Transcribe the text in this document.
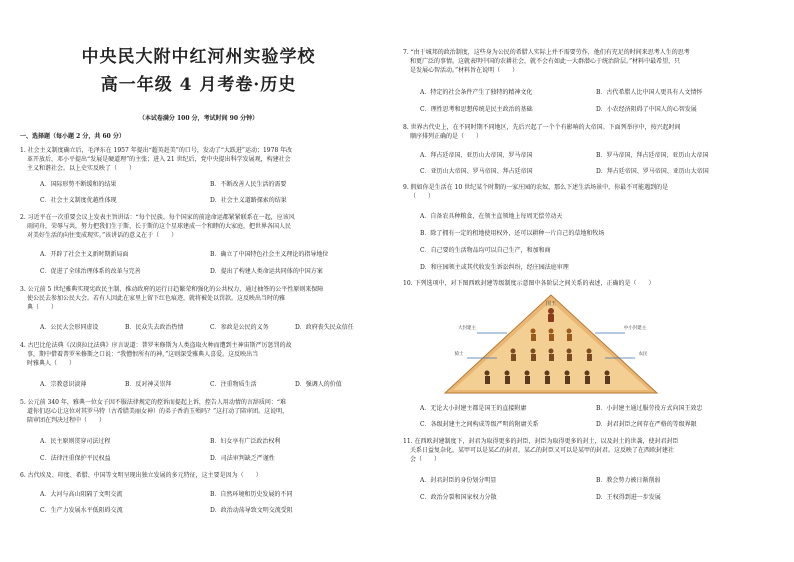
中央民大附中红河州实验学校
高一年级 4 月考卷·历史
（本试卷满分 100 分，考试时间 90 分钟）
一、选择题（每小题 2 分，共 60 分）
1. 社会主义制度确立后，毛泽东在 1957 年提出“超英赶美”的口号，发动了“大跃进”运动；1978 年改
革开放后，邓小平提出“发展是硬道理”的主张；进入 21 世纪后，党中央提出科学发展观，构建社会
主义和谐社会。以上史实反映了（　　）
A．国际形势不断缓和的结果	B．不断改善人民生活的需要
C．社会主义制度优越性体现	D．社会主义道路探索的结果
2. 习近平在一次重要会议上发表主旨讲话：“每个民族、每个国家的前途命运都紧紧联系在一起，应该风
雨同舟，荣辱与共，努力把我们生于斯、长于斯的这个星球建成一个和睦的大家庭，把世界各国人民
对美好生活的向往变成现实。”该讲话的意义在于（　　）
A．开辟了社会主义新时期新局面	B．确立了中国特色社会主义理论的指导地位
C．促进了全球治理体系的改革与完善	D．提出了构建人类命运共同体的中国方案
3. 公元前 5 世纪雅典实现宪政民主制，推动政府的运行日趋繁荣和强化的公共权力，通过抽签的公平性原则来保障
使公民去参加公民大会。若有人因此在家里上留下红色痕迹，就将被处以罚款。这反映出当时的雅
典（　　）
A．公民大会形同虚设	B．民众失去政治热情	C．参政是公民的义务	D．政府丧失民众信任
4. 古巴比伦法典《汉谟拉比法典》序言说道：普罗米修斯为人类盗取火种而遭到主神宙斯严厉惩罚的故
事，期中借着普罗米修斯之口说：“我憎恨所有的神，”这则深受雅典人喜爱。这反映出当
时雅典人（　　）
A．宗教意识淡薄	B．反对神灵崇拜	C．注重物质生活	D．强调人的价值
5. 公元前 340 年，雅典一位女子因不服法律规定的控诉而提起上诉，控告人用动情的言辞质问：“难
道你们忍心让这位对其罗马特（古希腊美丽女神）的弟子香消玉殒吗？”这打动了陪审团。这说明，
陪审团在判决过程中（　　）
A．民主原则贯穿司法过程	B．妇女享有广泛政治权利
C．法律注重保护平民权益	D．司法审判缺乏严谨性
6. 古代埃及、印度、希腊、中国等文明呈现出独立发展的多元特征，这主要是因为（　　）
A．大河与高山阻隔了文明交流	B．自然环境和历史发展的不同
C．生产力发展水平低阻碍交流	D．政治动荡导致文明交流受阻
7. “由于城邦的政治制度，这些身为公民的希腊人实际上并不需要劳作，他们有充足的时间来思考人生的思考
和更广泛的事情。这就表明中国的农耕社会，就不会有如此一大群潜心于统治阶层。”材料中最希望，只
是发展心智活动。”材料旨在说明（　　）
A．特定的社会条件产生了独特的精神文化	B．古代希腊人比中国人更具有人文情怀
C．理性思考和思想传统是民主政治的基础	D．小农经济阻碍了中国人的心智发展
8. 世界古代史上，在不同时期不同地区，先后兴起了一个个有影响的大帝国。下面列举序中，按兴起时间
顺序排列正确的是（　　）
A．拜占廷帝国、亚历山大帝国、罗马帝国	B．罗马帝国、拜占廷帝国、亚历山大帝国
C．亚历山大帝国、罗马帝国、拜占廷帝国	D．拜占廷帝国、罗马帝国、亚历山大帝国
9. 假如你是生活在 10 世纪某个时期的一家庄园的农奴，那么下述生活场景中，你最不可能遇到的是
（　　）
A．自备农具种粮食，在领主直领地上每周无偿劳动天
B．除了拥有一定的租地使用权外，还可以耕种一片自己的草地和牧场
C．自己要的生活物品均可以自己生产，和加和商
D．和庄园领主或其代收发生诉讼纠纷，经庄园法庭审理
10. 下列选项中，对下图西欧封建等级制度示意图中各阶层之间关系的表述，正确的是（　　）
国王
大封建主	中小封建主
骑士	农民
A．无论大小封建主都是国王的直接附庸	B．小封建主通过服劳役方式向国王效忠
C．各级封建主之间构成等级严明的附庸关系	D．封君封臣之间存在严格的等级界限
11. 在西欧封建制度下，封君为取得更多的封臣，封臣为取得更多的封土，以及封土的世袭，使封君封臣
关系日益复杂化。某甲可以是某乙的封君，某乙的封臣又可以是某甲的封君。这反映了在西欧封建社
会（　　）
A．封君封臣的身份划分明显	B．教会势力被日渐削弱
C．政治分裂和国家权力分散	D．王权得到进一步发展
